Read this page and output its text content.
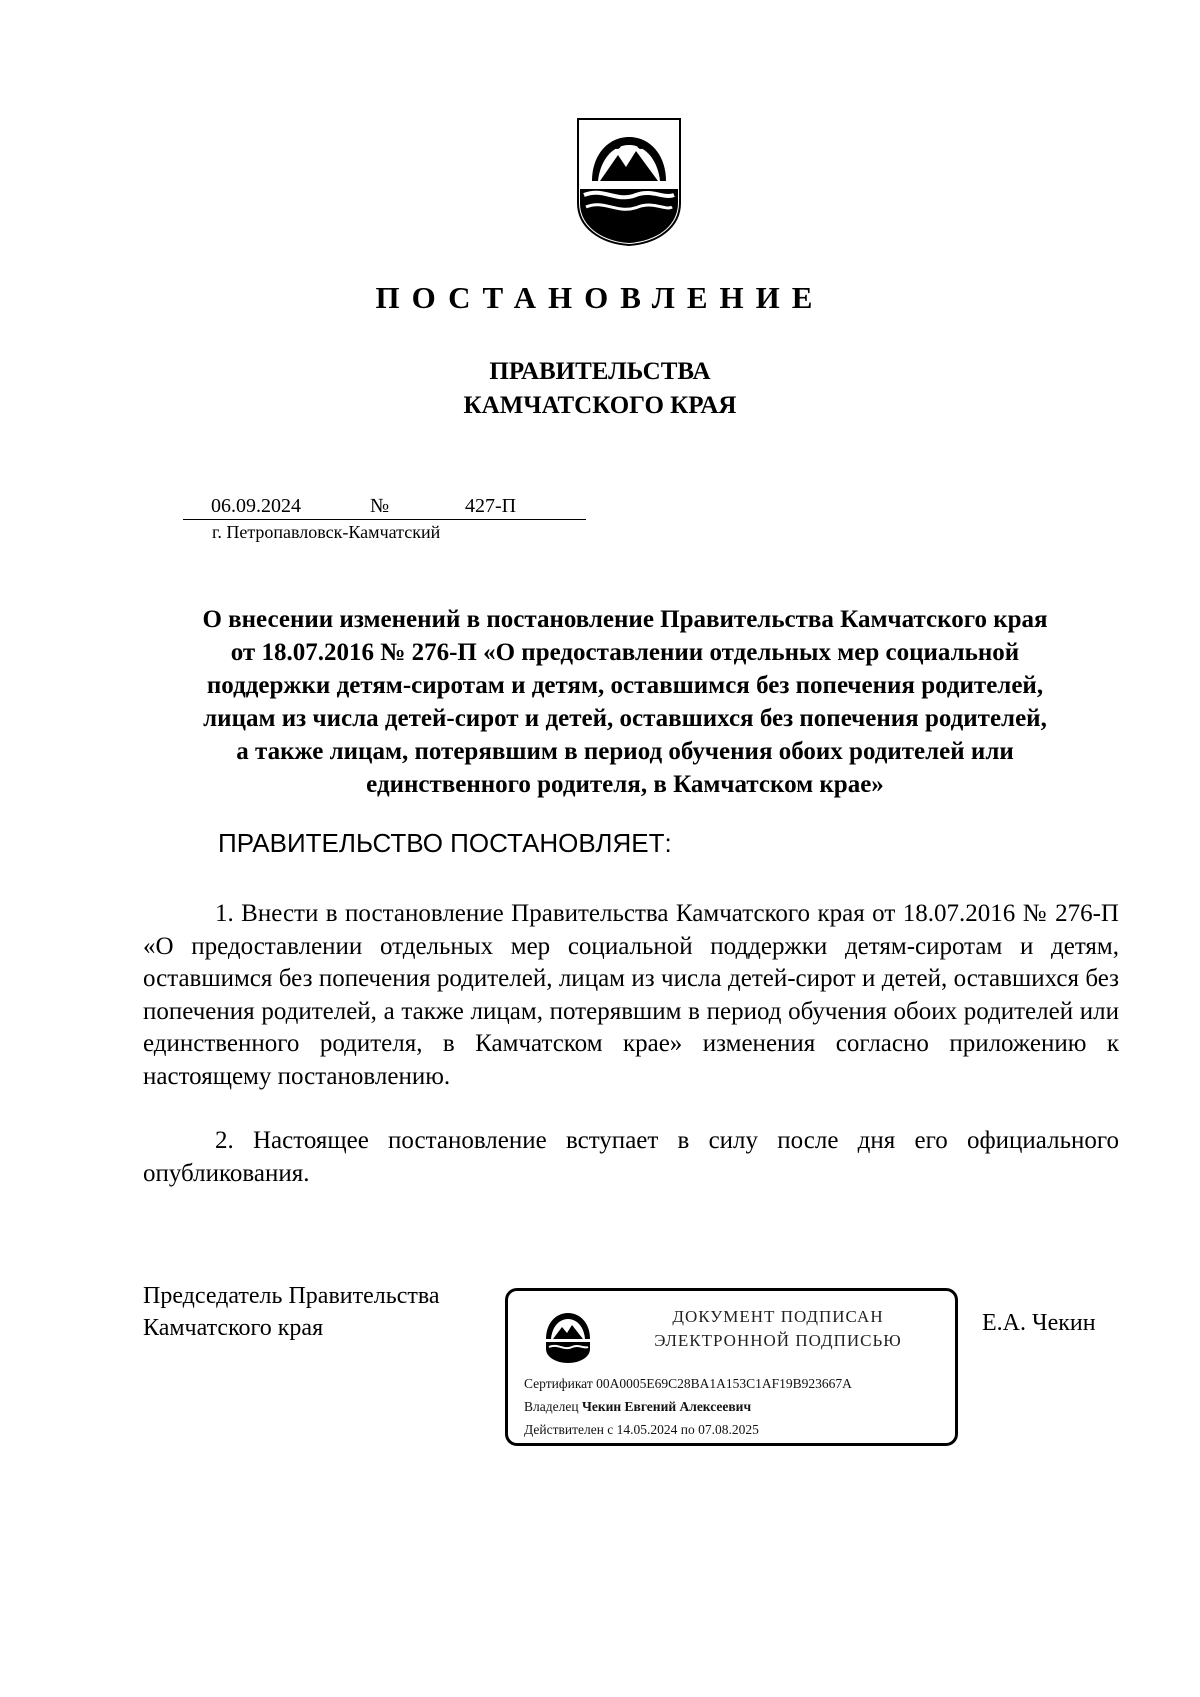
ПОСТАНОВЛЕНИЕ
ПРАВИТЕЛЬСТВА
КАМЧАТСКОГО КРАЯ
06.09.2024	№	427-П
г. Петропавловск-Камчатский
О внесении изменений в постановление Правительства Камчатского края
от 18.07.2016 № 276-П «О предоставлении отдельных мер социальной
поддержки детям-сиротам и детям, оставшимся без попечения родителей,
лицам из числа детей-сирот и детей, оставшихся без попечения родителей,
а также лицам, потерявшим в период обучения обоих родителей или
единственного родителя, в Камчатском крае»
ПРАВИТЕЛЬСТВО ПОСТАНОВЛЯЕТ:
1. Внести в постановление Правительства Камчатского края от 18.07.2016 № 276-П «О предоставлении отдельных мер социальной поддержки детям-сиротам и детям, оставшимся без попечения родителей, лицам из числа детей-сирот и детей, оставшихся без попечения родителей, а также лицам, потерявшим в период обучения обоих родителей или единственного родителя, в Камчатском крае» изменения согласно приложению к настоящему постановлению.
2. Настоящее постановление вступает в силу после дня его официального опубликования.
Председатель Правительства
Камчатского края	ДОКУМЕНТ ПОДПИСАН
ЭЛЕКТРОННОЙ ПОДПИСЬЮ
Сертификат 00A0005E69C28BA1A153C1AF19B923667A
Владелец Чекин Евгений Алексеевич
Действителен с 14.05.2024 по 07.08.2025
Е.А. Чекин
